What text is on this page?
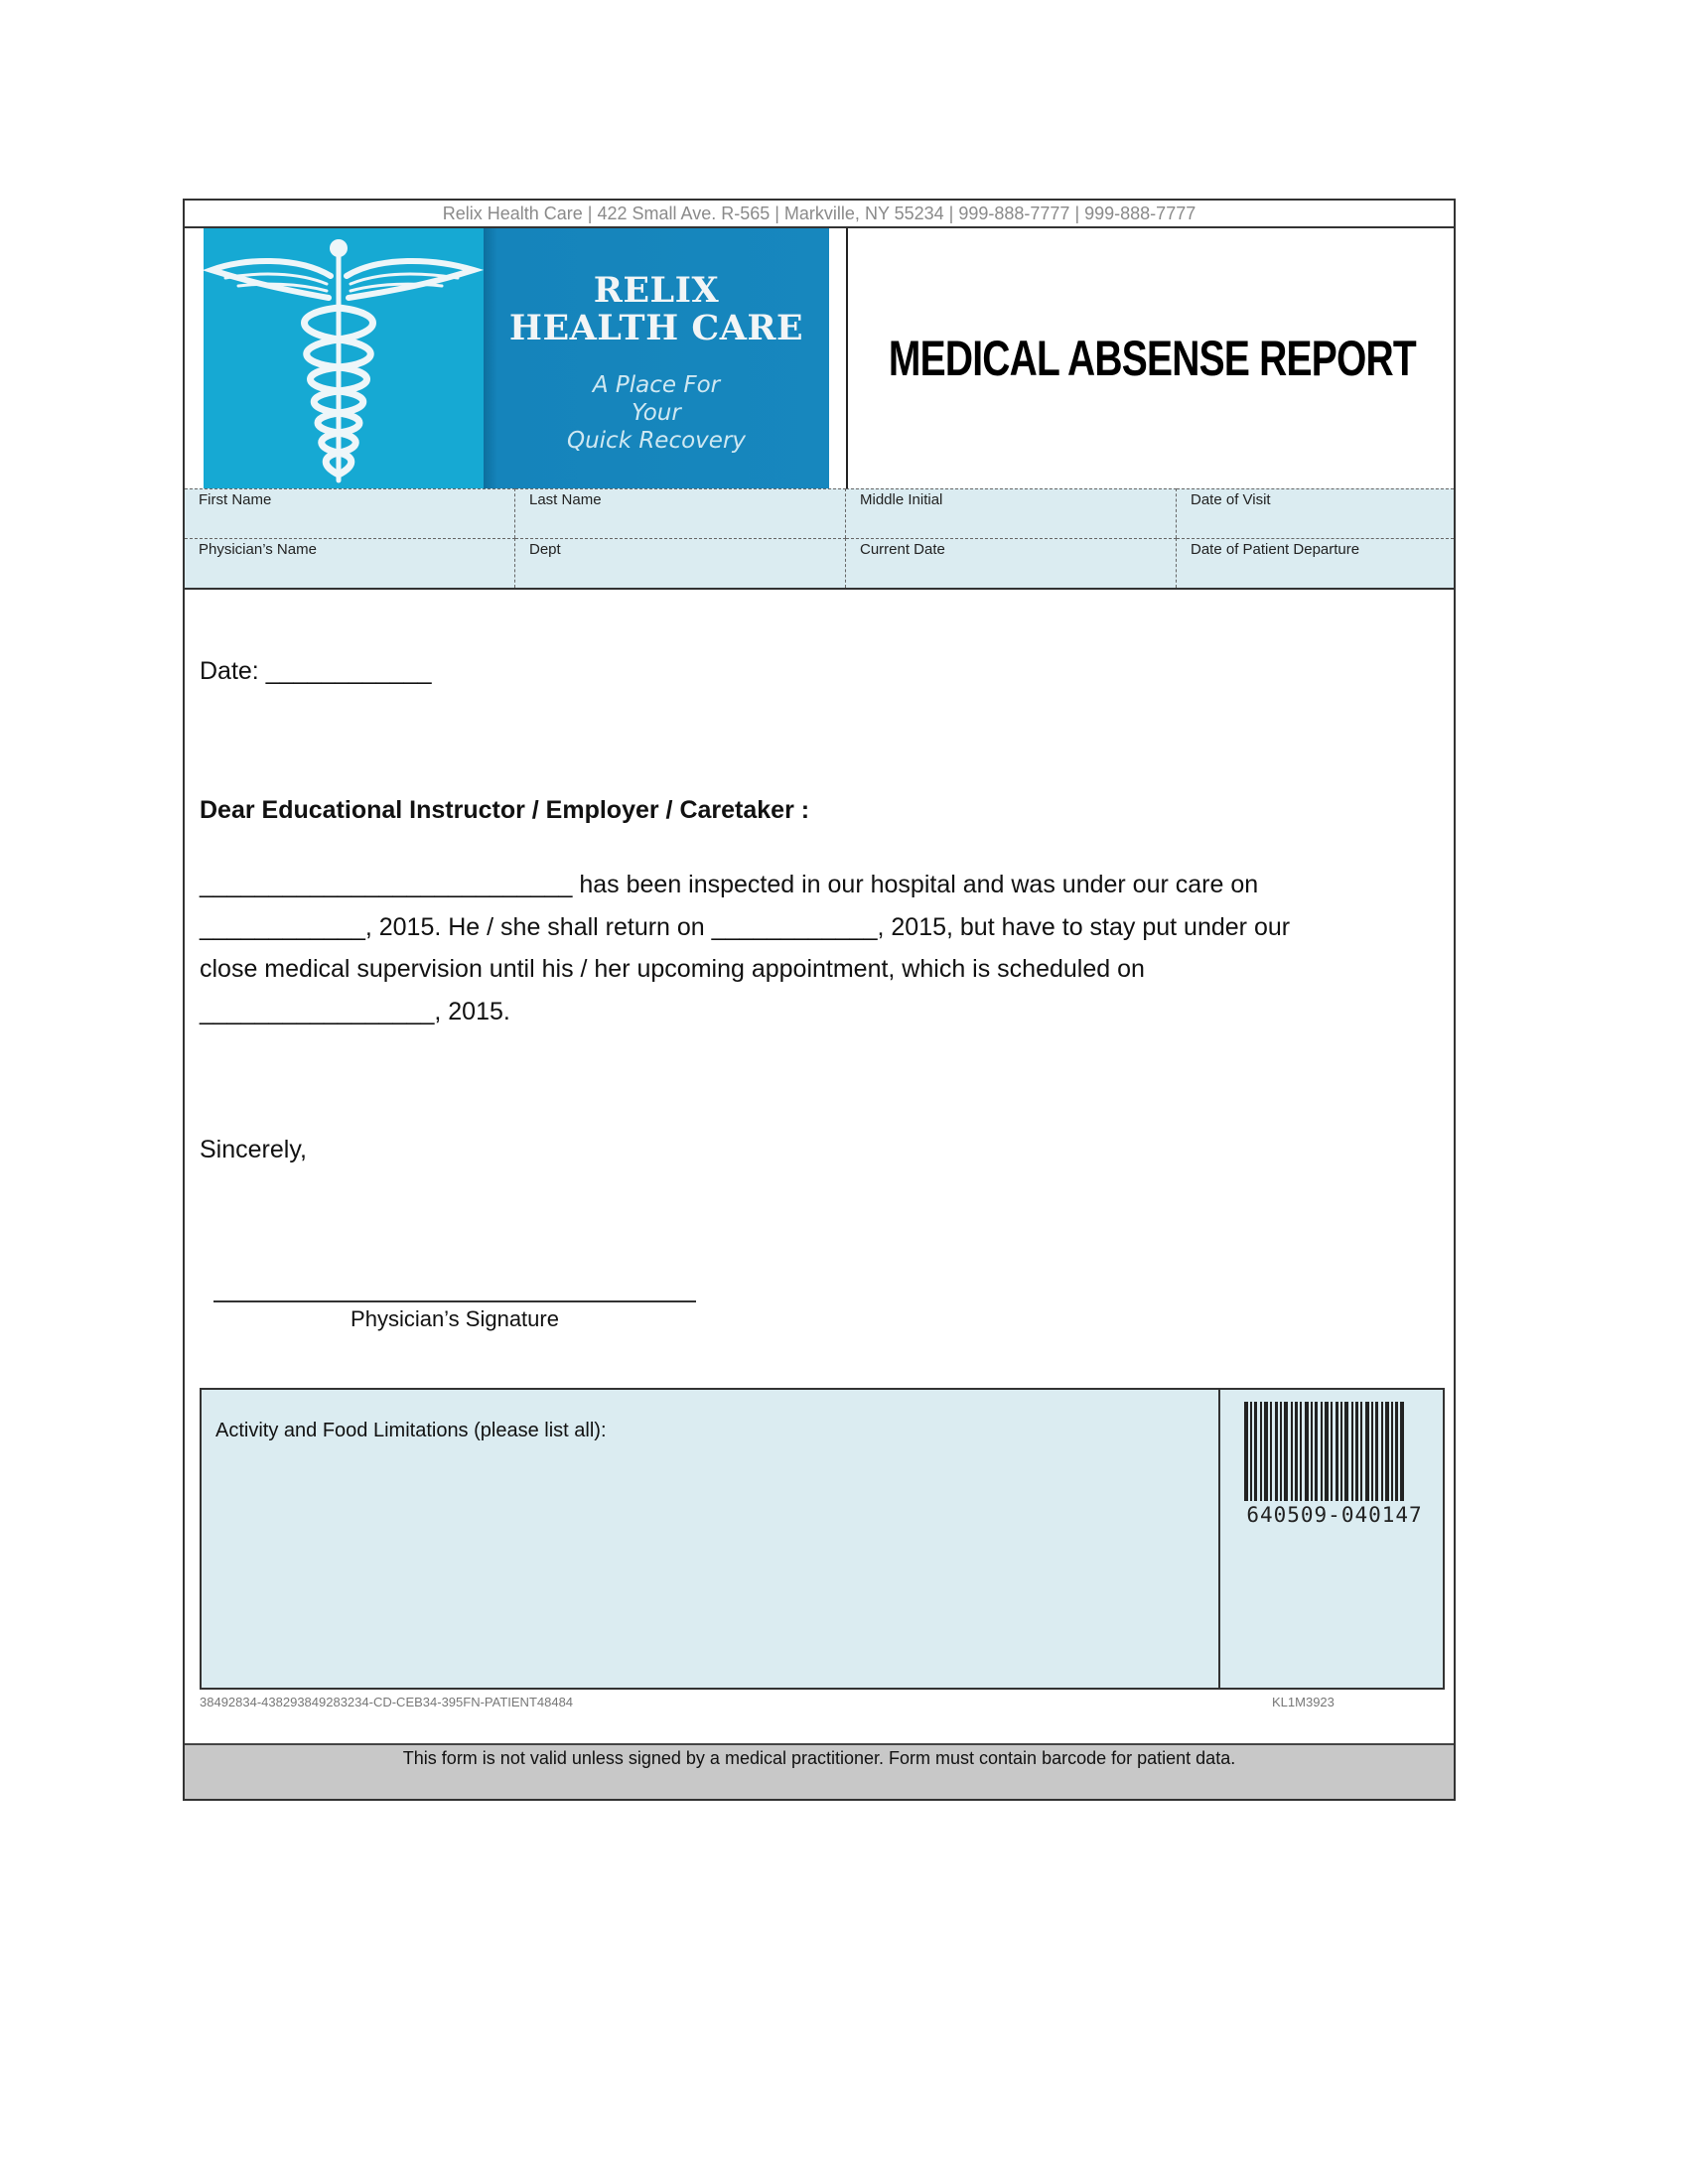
Relix Health Care | 422 Small Ave. R-565 | Markville, NY 55234 | 999-888-7777 | 999-888-7777
RELIX
HEALTH CARE
A Place For
Your
Quick Recovery
MEDICAL ABSENSE REPORT
First Name	Last Name	Middle Initial	Date of Visit
Physician’s Name	Dept	Current Date	Date of Patient Departure
Date: ____________
Dear Educational Instructor / Employer / Caretaker :
___________________________ has been inspected in our hospital and was under our care on
____________, 2015. He / she shall return on ____________, 2015, but have to stay put under our
close medical supervision until his / her upcoming appointment, which is scheduled on
_________________, 2015.
Sincerely,
Physician’s Signature
Activity and Food Limitations (please list all):
640509-040147
38492834-438293849283234-CD-CEB34-395FN-PATIENT48484	KL1M3923
This form is not valid unless signed by a medical practitioner. Form must contain barcode for patient data.
